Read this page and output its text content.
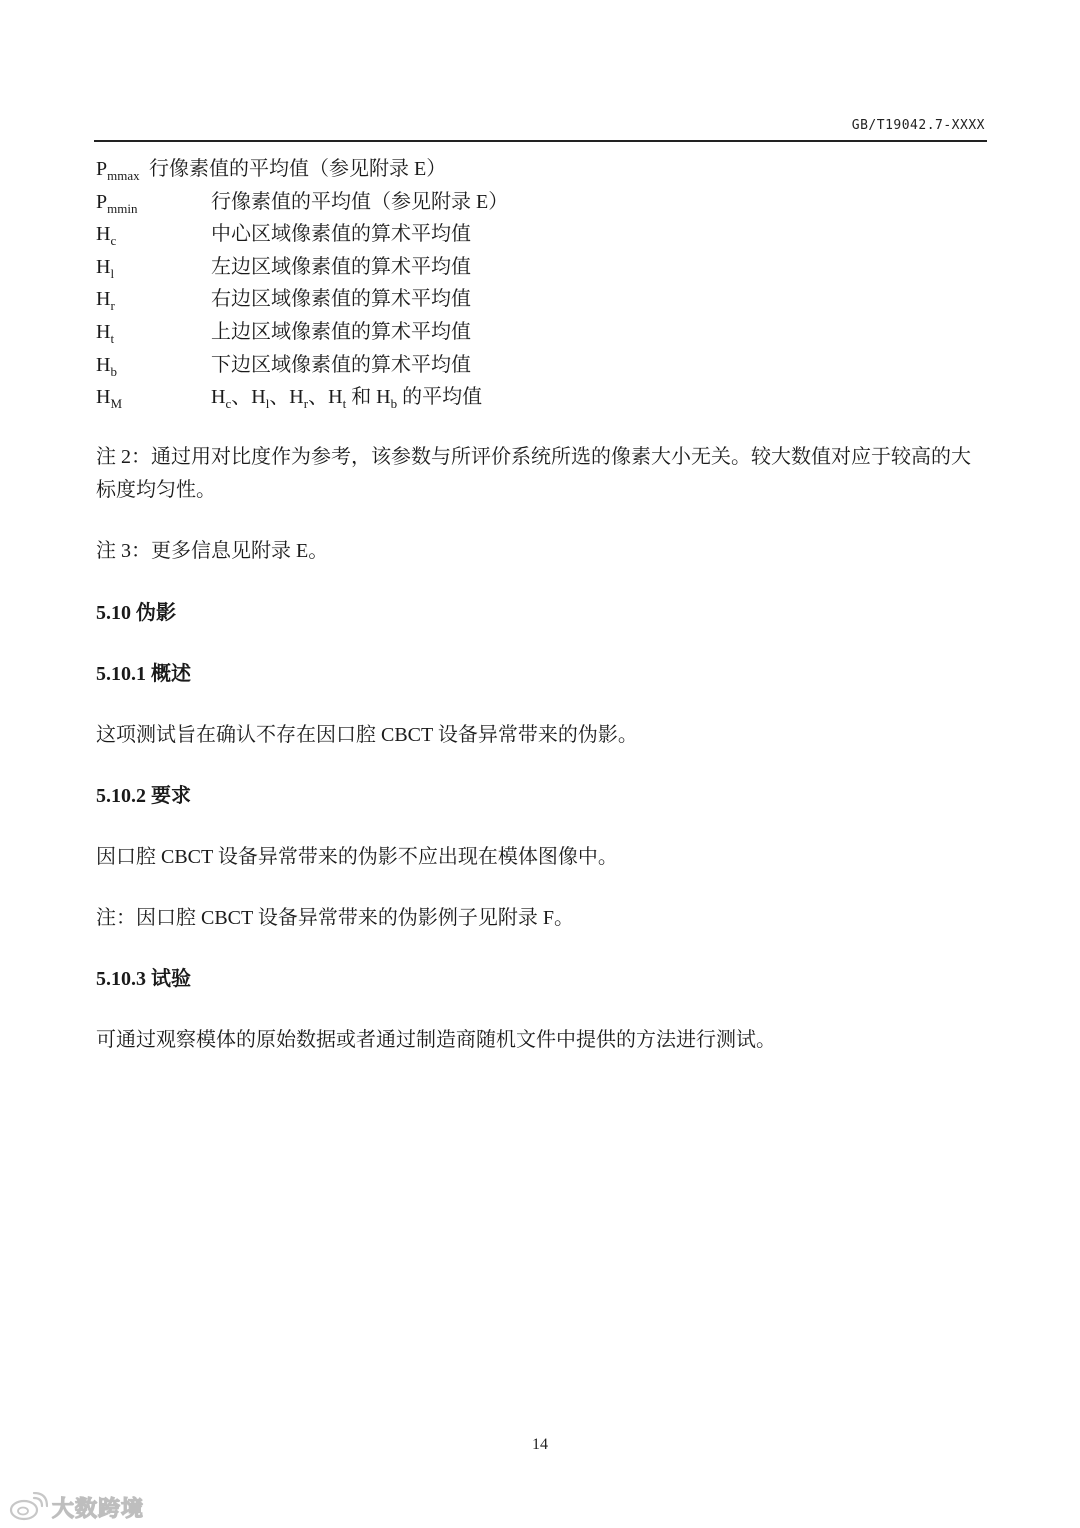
GB/T19042.7-XXXX
$P_{mmax}$ 行像素值的平均值（参见附录 E）
$P_{mmin}$	行像素值的平均值（参见附录 E）
$H_c$	中心区域像素值的算术平均值
$H_l$	左边区域像素值的算术平均值
$H_r$	右边区域像素值的算术平均值
$H_t$	上边区域像素值的算术平均值
$H_b$	下边区域像素值的算术平均值
$H_M$	$H_c$、$H_l$、$H_r$、$H_t$ 和 $H_b$ 的平均值

注 2：通过用对比度作为参考，该参数与所评价系统所选的像素大小无关。较大数值对应于较高的大标度均匀性。

注 3：更多信息见附录 E。

5.10 伪影
5.10.1 概述

这项测试旨在确认不存在因口腔 CBCT 设备异常带来的伪影。

5.10.2 要求

因口腔 CBCT 设备异常带来的伪影不应出现在模体图像中。

注：因口腔 CBCT 设备异常带来的伪影例子见附录 F。

5.10.3 试验

可通过观察模体的原始数据或者通过制造商随机文件中提供的方法进行测试。

14
大数跨境
